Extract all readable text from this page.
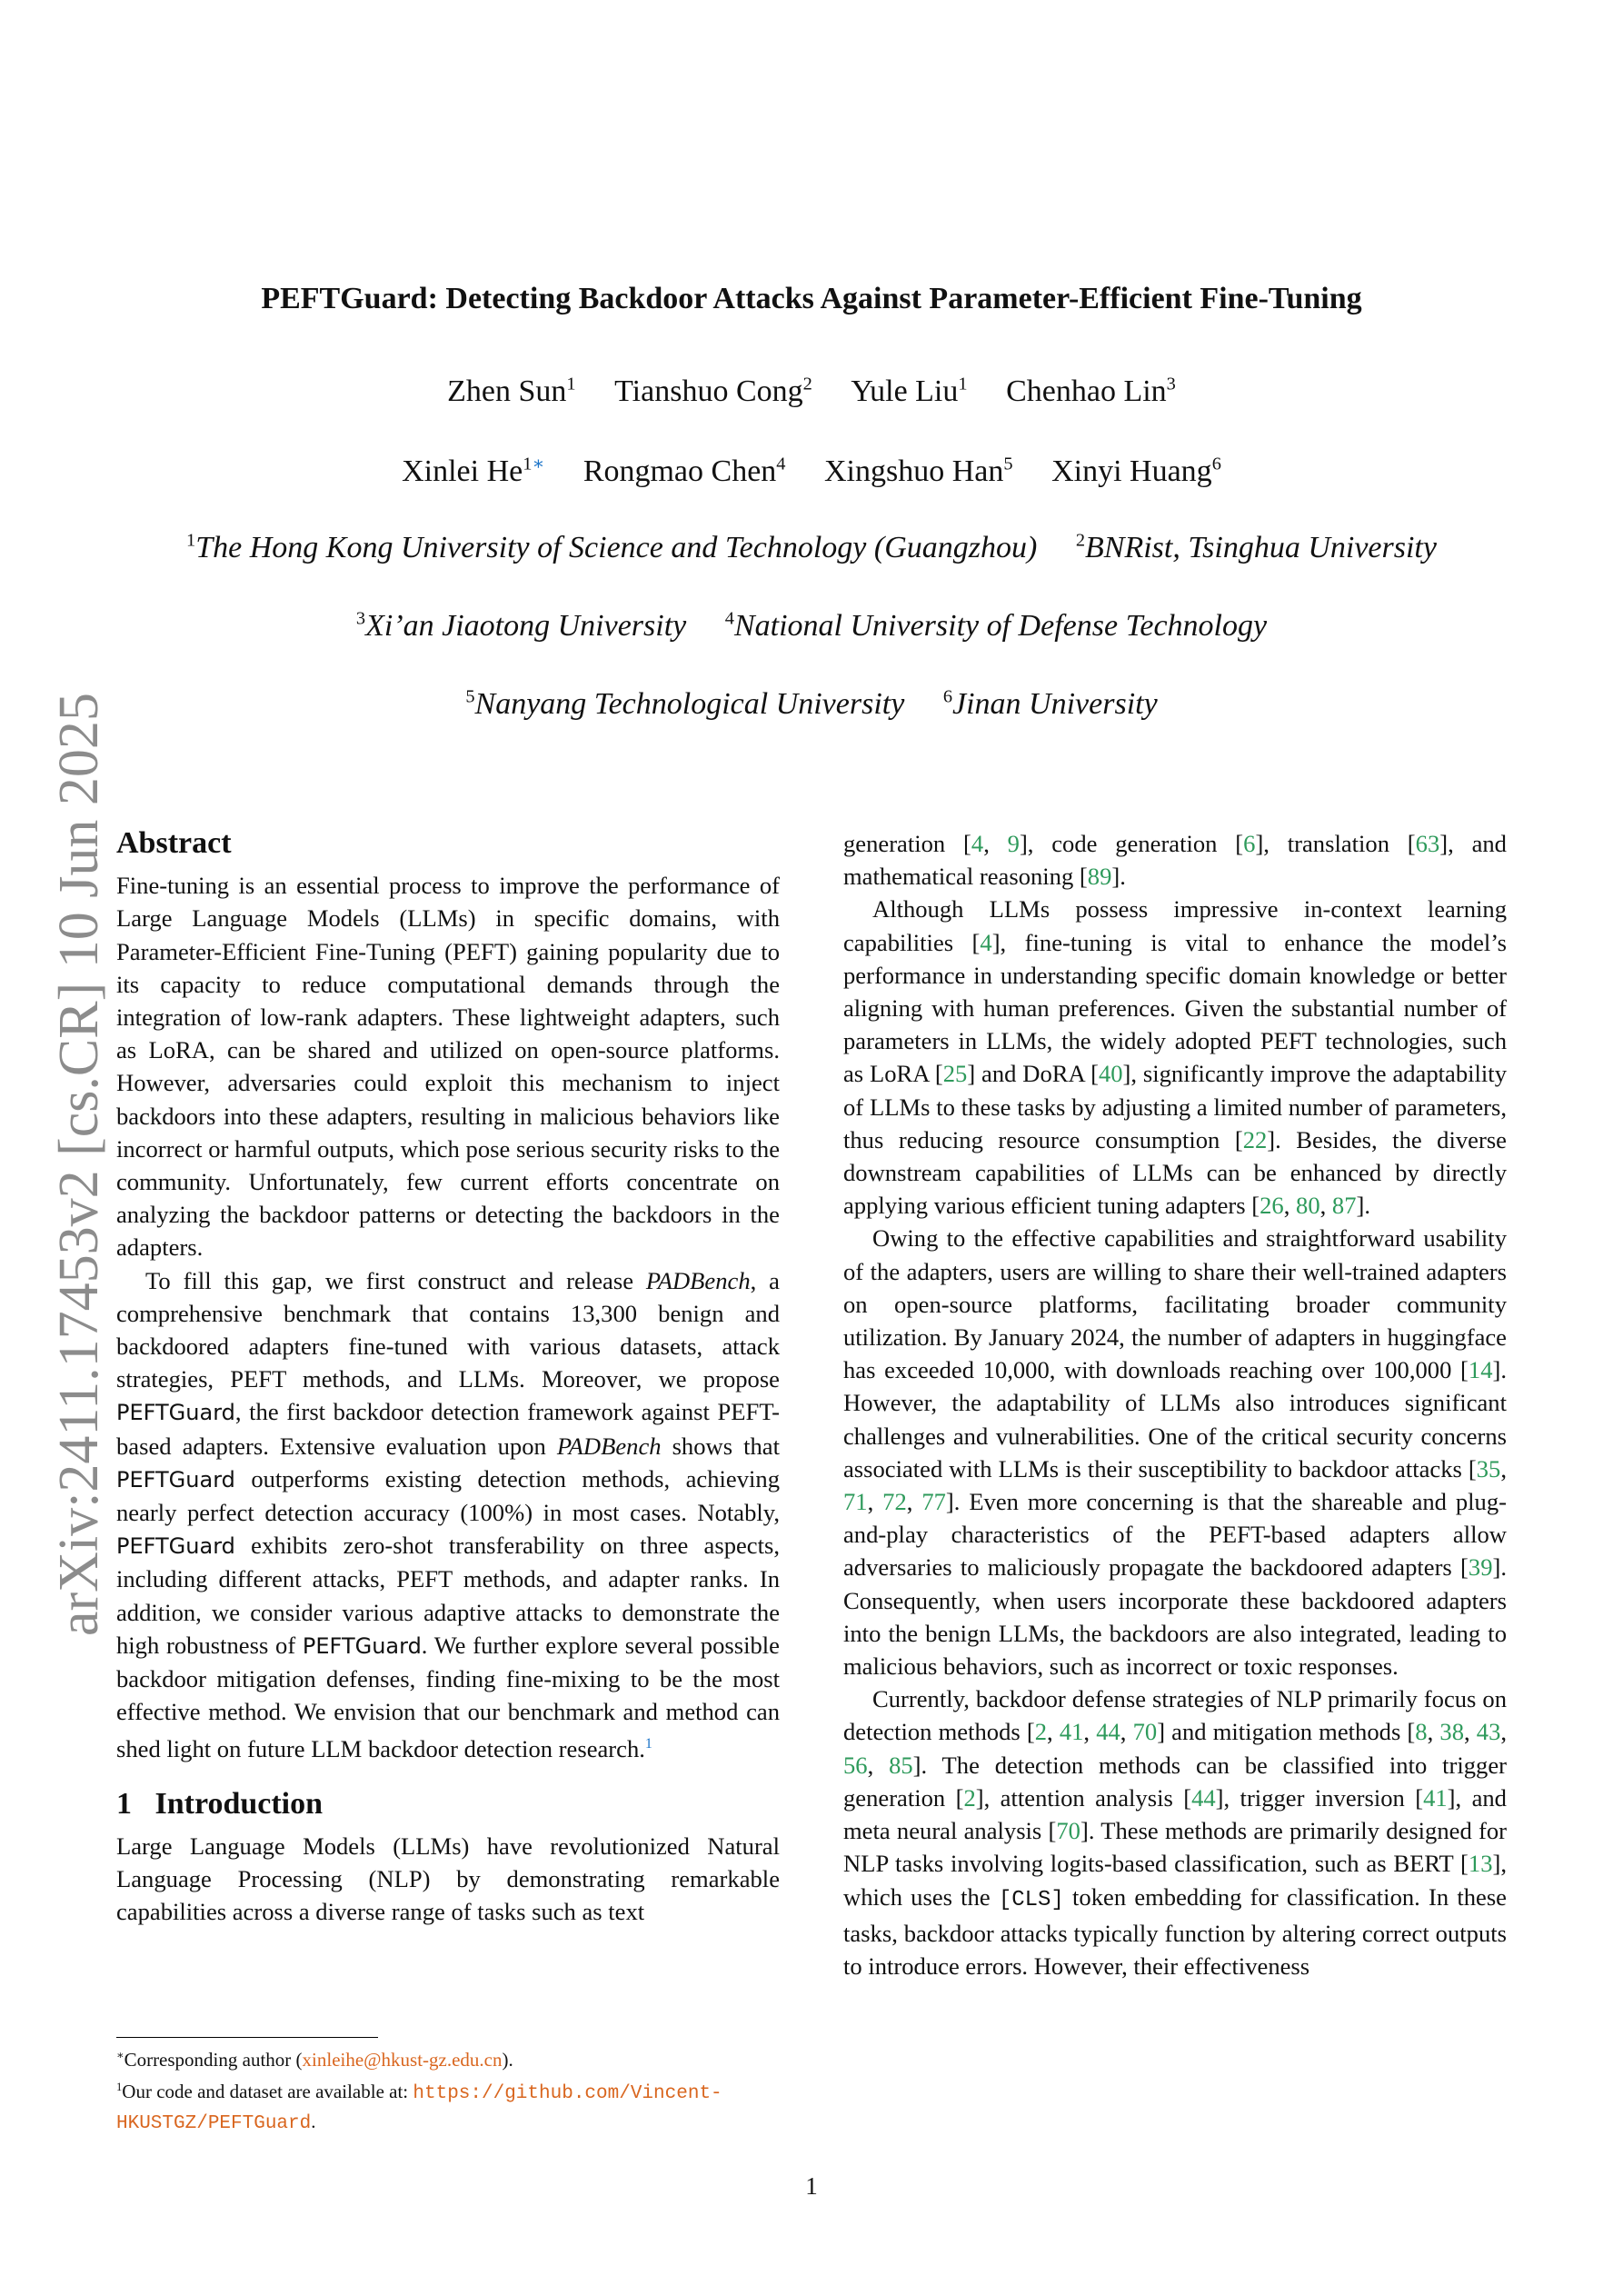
arXiv:2411.17453v2 [cs.CR] 10 Jun 2025
PEFTGuard: Detecting Backdoor Attacks Against Parameter-Efficient Fine-Tuning
Zhen Sun$^1$ Tianshuo Cong$^2$ Yule Liu$^1$ Chenhao Lin$^3$
Xinlei $He^{1∗}$ Rongmao Chen$^4$ Xingshuo Han$^5$ Xinyi Huang$^6$
$^1$The Hong Kong University of Science and Technology (Guangzhou) $^2$BNRist, Tsinghua University
$^3$Xi’an Jiaotong University $^4$National University of Defense Technology
$^5$Nanyang Technological University $^6$Jinan University
Abstract

Fine-tuning is an essential process to improve the performance of Large Language Models (LLMs) in specific domains, with Parameter-Efficient Fine-Tuning (PEFT) gaining popularity due to its capacity to reduce computational demands through the integration of low-rank adapters. These lightweight adapters, such as LoRA, can be shared and utilized on open-source platforms. However, adversaries could exploit this mechanism to inject backdoors into these adapters, resulting in malicious behaviors like incorrect or harmful outputs, which pose serious security risks to the community. Unfortunately, few current efforts concentrate on analyzing the backdoor patterns or detecting the backdoors in the adapters.

To fill this gap, we first construct and release PADBench, a comprehensive benchmark that contains 13,300 benign and backdoored adapters fine-tuned with various datasets, attack strategies, PEFT methods, and LLMs. Moreover, we propose PEFTGuard, the first backdoor detection framework against PEFT-based adapters. Extensive evaluation upon PADBench shows that PEFTGuard outperforms existing detection methods, achieving nearly perfect detection accuracy (100%) in most cases. Notably, PEFTGuard exhibits zero-shot transferability on three aspects, including different attacks, PEFT methods, and adapter ranks. In addition, we consider various adaptive attacks to demonstrate the high robustness of PEFTGuard. We further explore several possible backdoor mitigation defenses, finding fine-mixing to be the most effective method. We envision that our benchmark and method can shed light on future LLM backdoor detection research.$^1$

1 Introduction

Large Language Models (LLMs) have revolutionized Natural Language Processing (NLP) by demonstrating remarkable capabilities across a diverse range of tasks such as text

∗Corresponding author (xinleihe@hkust-gz.edu.cn).
$^1$Our code and dataset are available at: https://github.com/Vincent-HKUSTGZ/PEFTGuard.

generation [4, 9], code generation [6], translation [63], and mathematical reasoning [89].

Although LLMs possess impressive in-context learning capabilities [4], fine-tuning is vital to enhance the model’s performance in understanding specific domain knowledge or better aligning with human preferences. Given the substantial number of parameters in LLMs, the widely adopted PEFT technologies, such as LoRA [25] and DoRA [40], significantly improve the adaptability of LLMs to these tasks by adjusting a limited number of parameters, thus reducing resource consumption [22]. Besides, the diverse downstream capabilities of LLMs can be enhanced by directly applying various efficient tuning adapters [26, 80, 87].

Owing to the effective capabilities and straightforward usability of the adapters, users are willing to share their well-trained adapters on open-source platforms, facilitating broader community utilization. By January 2024, the number of adapters in huggingface has exceeded 10,000, with downloads reaching over 100,000 [14]. However, the adaptability of LLMs also introduces significant challenges and vulnerabilities. One of the critical security concerns associated with LLMs is their susceptibility to backdoor attacks [35, 71, 72, 77]. Even more concerning is that the shareable and plug-and-play characteristics of the PEFT-based adapters allow adversaries to maliciously propagate the backdoored adapters [39]. Consequently, when users incorporate these backdoored adapters into the benign LLMs, the backdoors are also integrated, leading to malicious behaviors, such as incorrect or toxic responses.

Currently, backdoor defense strategies of NLP primarily focus on detection methods [2, 41, 44, 70] and mitigation methods [8, 38, 43, 56, 85]. The detection methods can be classified into trigger generation [2], attention analysis [44], trigger inversion [41], and meta neural analysis [70]. These methods are primarily designed for NLP tasks involving logits-based classification, such as BERT [13], which uses the [CLS] token embedding for classification. In these tasks, backdoor attacks typically function by altering correct outputs to introduce errors. However, their effectiveness

1
